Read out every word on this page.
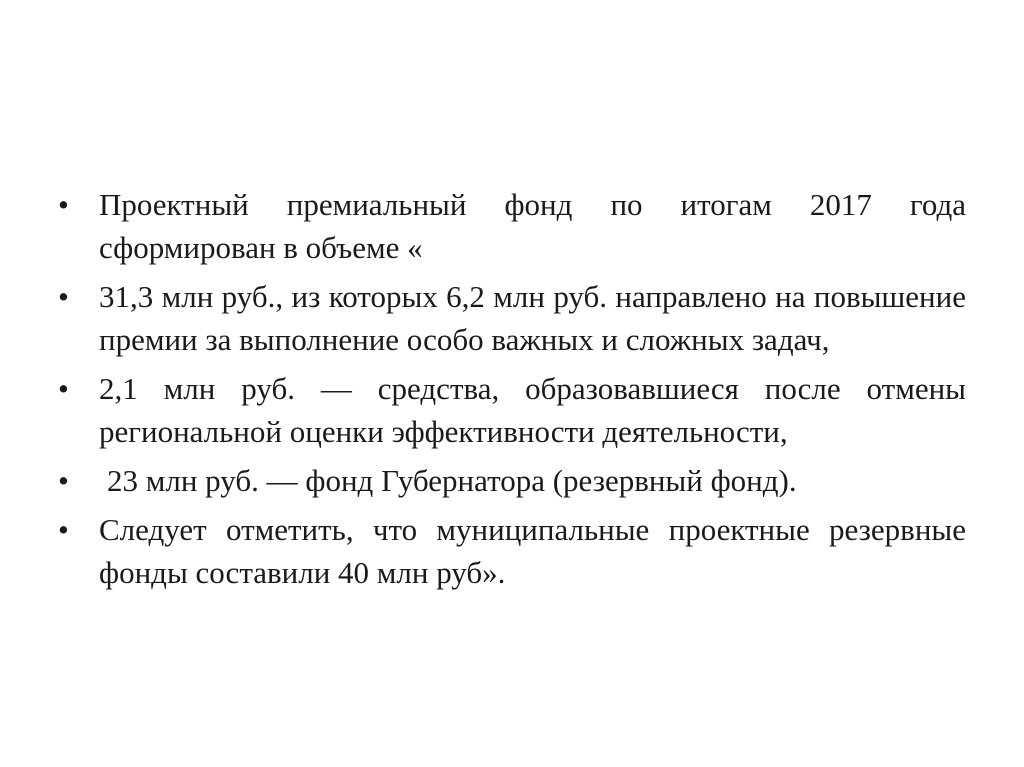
• Проектный премиальный фонд по итогам 2017 года сформирован в объеме «
• 31,3 млн руб., из которых 6,2 млн руб. направлено на повышение премии за выполнение особо важных и сложных задач,
• 2,1 млн руб. — средства, образовавшиеся после отмены региональной оценки эффективности деятельности,
• 23 млн руб. — фонд Губернатора (резервный фонд).
• Следует отметить, что муниципальные проектные резервные фонды составили 40 млн руб».
